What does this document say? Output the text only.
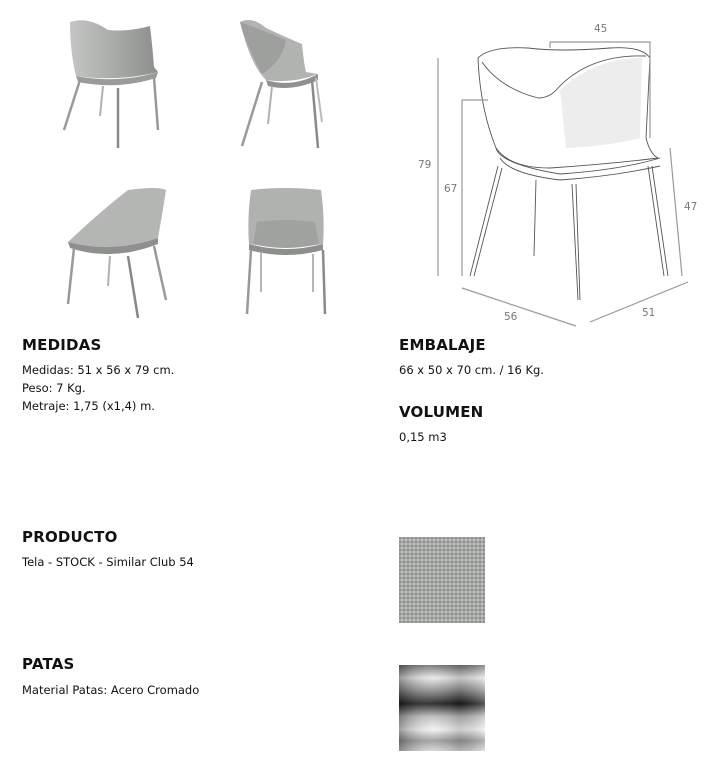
45
79
67
47
56	51
MEDIDAS
Medidas: 51 x 56 x 79 cm.
Peso: 7 Kg.
Metraje: 1,75 (x1,4) m.
EMBALAJE
66 x 50 x 70 cm. / 16 Kg.
VOLUMEN
0,15 m3
PRODUCTO
Tela - STOCK - Similar Club 54
PATAS
Material Patas: Acero Cromado
